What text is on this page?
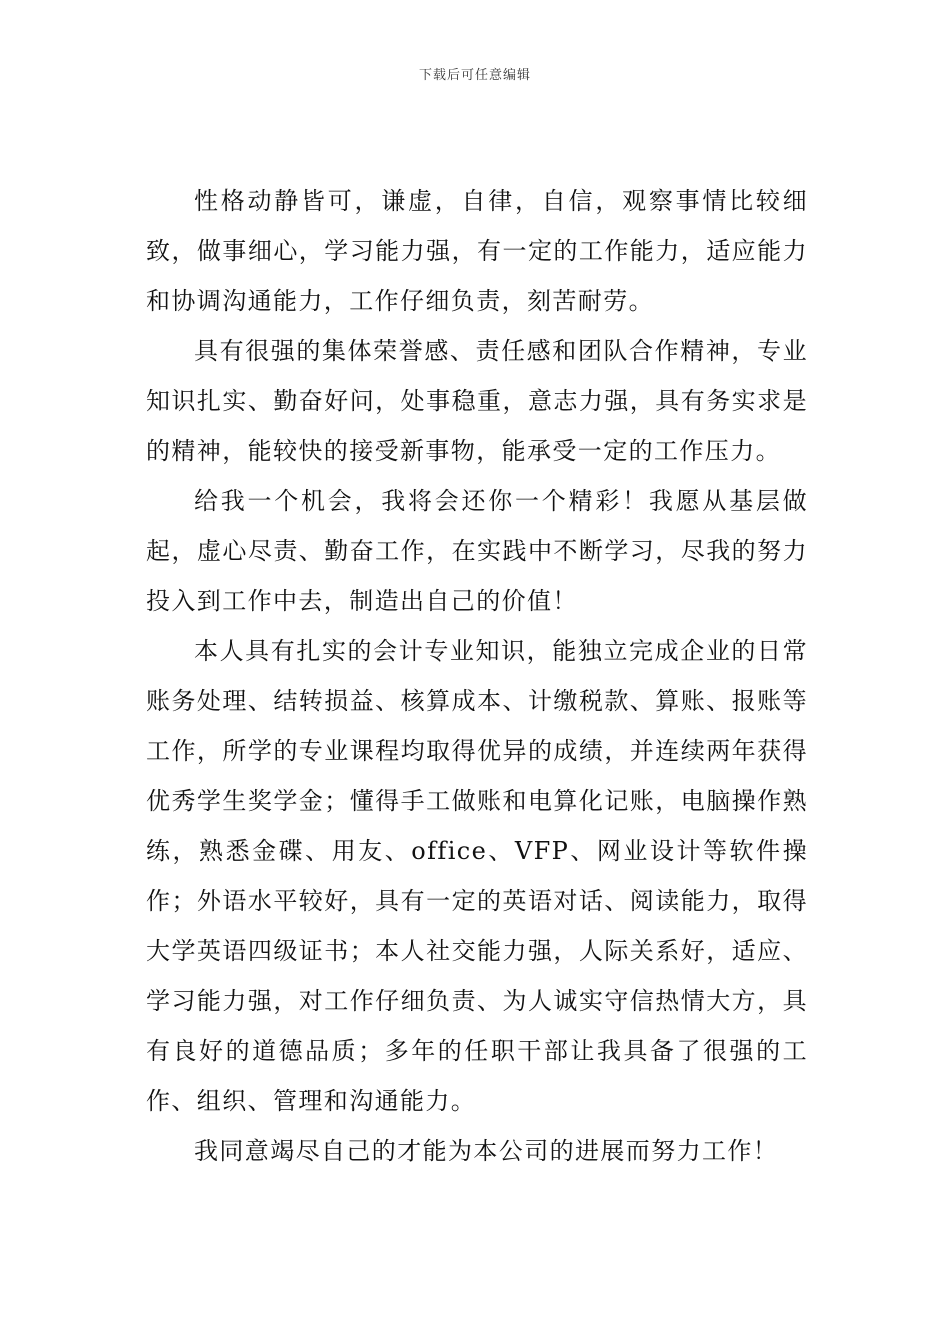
下载后可任意编辑

性格动静皆可，谦虚，自律，自信，观察事情比较细致，做事细心，学习能力强，有一定的工作能力，适应能力和协调沟通能力，工作仔细负责，刻苦耐劳。

具有很强的集体荣誉感、责任感和团队合作精神，专业知识扎实、勤奋好问，处事稳重，意志力强，具有务实求是的精神，能较快的接受新事物，能承受一定的工作压力。

给我一个机会，我将会还你一个精彩！我愿从基层做起，虚心尽责、勤奋工作，在实践中不断学习，尽我的努力投入到工作中去，制造出自己的价值！

本人具有扎实的会计专业知识，能独立完成企业的日常账务处理、结转损益、核算成本、计缴税款、算账、报账等工作，所学的专业课程均取得优异的成绩，并连续两年获得优秀学生奖学金；懂得手工做账和电算化记账，电脑操作熟练，熟悉金碟、用友、office、VFP、网业设计等软件操作；外语水平较好，具有一定的英语对话、阅读能力，取得大学英语四级证书；本人社交能力强，人际关系好，适应、学习能力强，对工作仔细负责、为人诚实守信热情大方，具有良好的道德品质；多年的任职干部让我具备了很强的工作、组织、管理和沟通能力。

我同意竭尽自己的才能为本公司的进展而努力工作！
